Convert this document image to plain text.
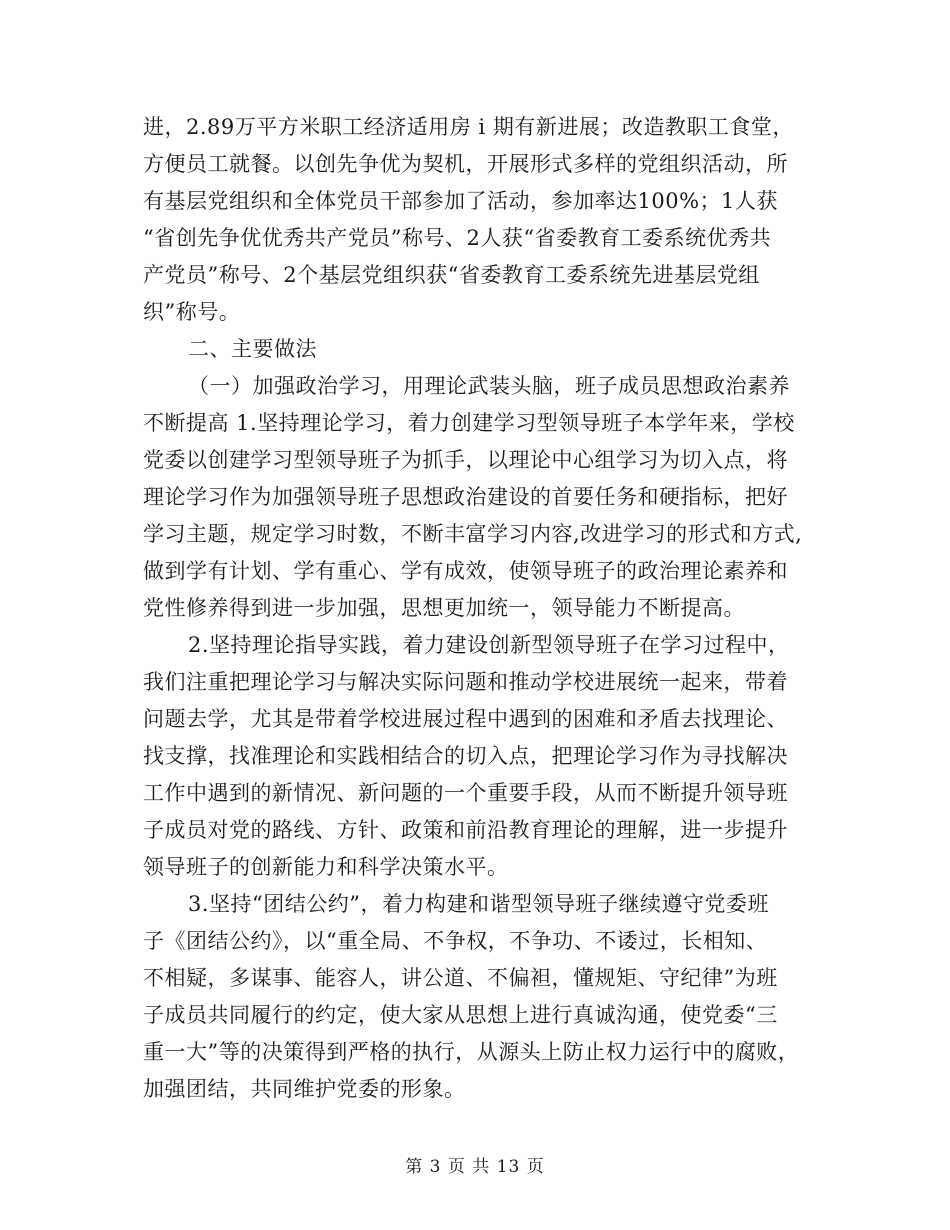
进，2.89万平方米职工经济适用房 i 期有新进展；改造教职工食堂，
方便员工就餐。以创先争优为契机，开展形式多样的党组织活动，所
有基层党组织和全体党员干部参加了活动，参加率达100%；1人获
“省创先争优优秀共产党员”称号、2人获“省委教育工委系统优秀共
产党员”称号、2个基层党组织获“省委教育工委系统先进基层党组
织”称号。
二、主要做法
（一）加强政治学习，用理论武装头脑，班子成员思想政治素养
不断提高 1.坚持理论学习，着力创建学习型领导班子本学年来，学校
党委以创建学习型领导班子为抓手，以理论中心组学习为切入点，将
理论学习作为加强领导班子思想政治建设的首要任务和硬指标，把好
学习主题，规定学习时数，不断丰富学习内容,改进学习的形式和方式,
做到学有计划、学有重心、学有成效，使领导班子的政治理论素养和
党性修养得到进一步加强，思想更加统一，领导能力不断提高。
2.坚持理论指导实践，着力建设创新型领导班子在学习过程中，
我们注重把理论学习与解决实际问题和推动学校进展统一起来，带着
问题去学，尤其是带着学校进展过程中遇到的困难和矛盾去找理论、
找支撑，找准理论和实践相结合的切入点，把理论学习作为寻找解决
工作中遇到的新情况、新问题的一个重要手段，从而不断提升领导班
子成员对党的路线、方针、政策和前沿教育理论的理解，进一步提升
领导班子的创新能力和科学决策水平。
3.坚持“团结公约”，着力构建和谐型领导班子继续遵守党委班
子《团结公约》，以“重全局、不争权，不争功、不诿过，长相知、
不相疑，多谋事、能容人，讲公道、不偏袒，懂规矩、守纪律”为班
子成员共同履行的约定，使大家从思想上进行真诚沟通，使党委“三
重一大”等的决策得到严格的执行，从源头上防止权力运行中的腐败，
加强团结，共同维护党委的形象。
第 3 页 共 13 页
